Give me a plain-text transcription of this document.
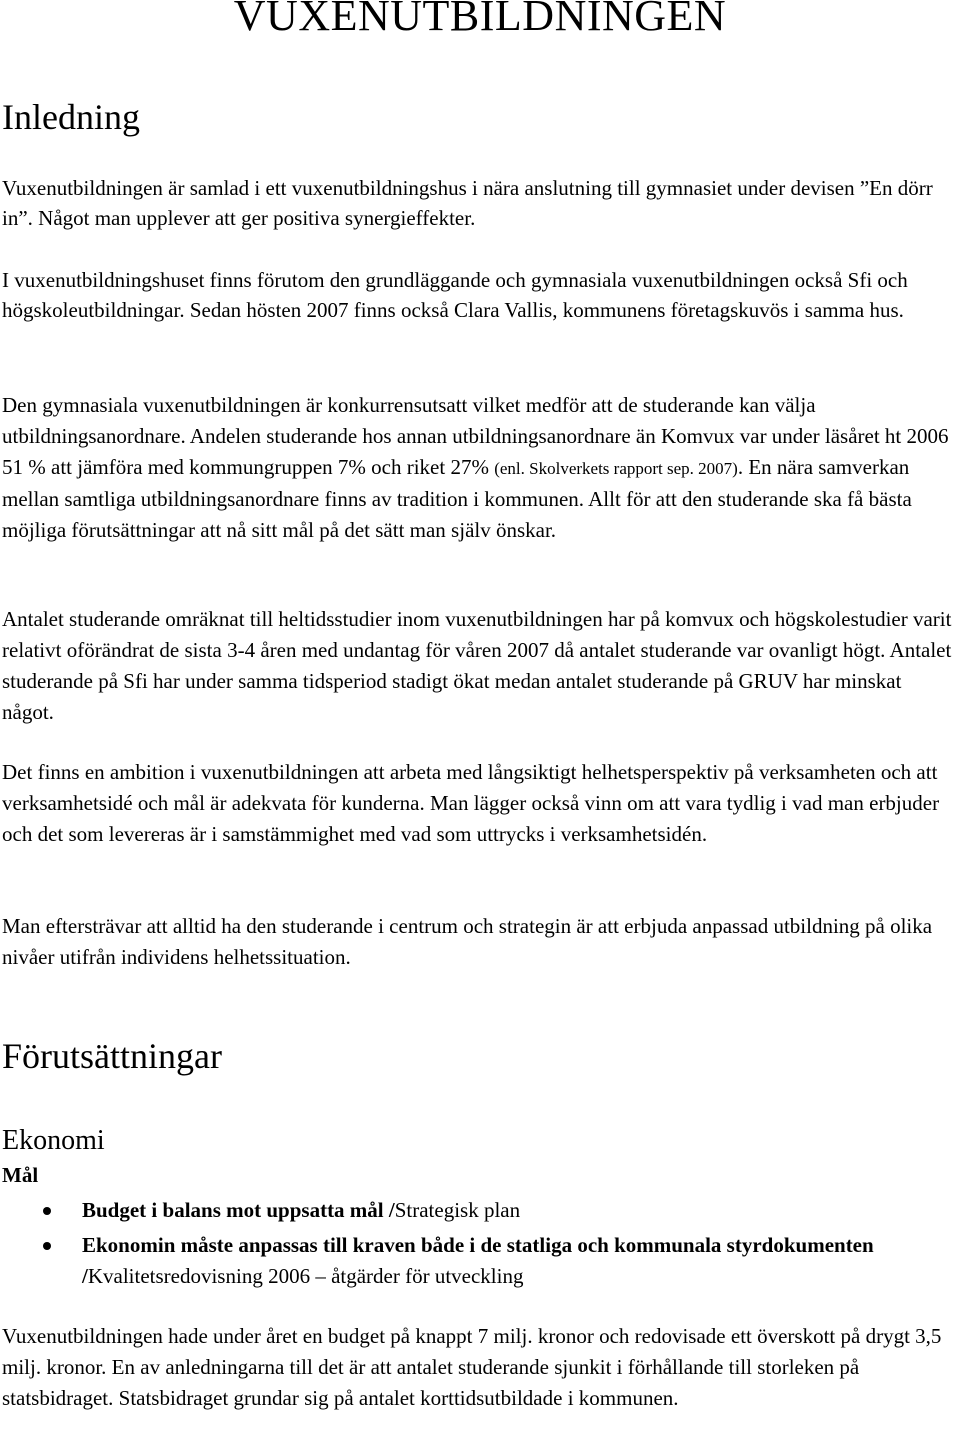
VUXENUTBILDNINGEN
Inledning

Vuxenutbildningen är samlad i ett vuxenutbildningshus i nära anslutning till gymnasiet under devisen ”En dörr in”. Något man upplever att ger positiva synergieffekter.

I vuxenutbildningshuset finns förutom den grundläggande och gymnasiala vuxenutbildningen också Sfi och högskoleutbildningar. Sedan hösten 2007 finns också Clara Vallis, kommunens företagskuvös i samma hus.

Den gymnasiala vuxenutbildningen är konkurrensutsatt vilket medför att de studerande kan välja utbildningsanordnare. Andelen studerande hos annan utbildningsanordnare än Komvux var under läsåret ht 2006 51 % att jämföra med kommungruppen 7% och riket 27% (enl. Skolverkets rapport sep. 2007). En nära samverkan mellan samtliga utbildningsanordnare finns av tradition i kommunen. Allt för att den studerande ska få bästa möjliga förutsättningar att nå sitt mål på det sätt man själv önskar.

Antalet studerande omräknat till heltidsstudier inom vuxenutbildningen har på komvux och högskolestudier varit relativt oförändrat de sista 3-4 åren med undantag för våren 2007 då antalet studerande var ovanligt högt. Antalet studerande på Sfi har under samma tidsperiod stadigt ökat medan antalet studerande på GRUV har minskat något.

Det finns en ambition i vuxenutbildningen att arbeta med långsiktigt helhetsperspektiv på verksamheten och att verksamhetsidé och mål är adekvata för kunderna. Man lägger också vinn om att vara tydlig i vad man erbjuder och det som levereras är i samstämmighet med vad som uttrycks i verksamhetsidén.

Man eftersträvar att alltid ha den studerande i centrum och strategin är att erbjuda anpassad utbildning på olika nivåer utifrån individens helhetssituation.

Förutsättningar
Ekonomi
Mål
Budget i balans mot uppsatta mål /Strategisk plan
Ekonomin måste anpassas till kraven både i de statliga och kommunala styrdokumenten /Kvalitetsredovisning 2006 – åtgärder för utveckling

Vuxenutbildningen hade under året en budget på knappt 7 milj. kronor och redovisade ett överskott på drygt 3,5 milj. kronor. En av anledningarna till det är att antalet studerande sjunkit i förhållande till storleken på statsbidraget. Statsbidraget grundar sig på antalet korttidsutbildade i kommunen.
